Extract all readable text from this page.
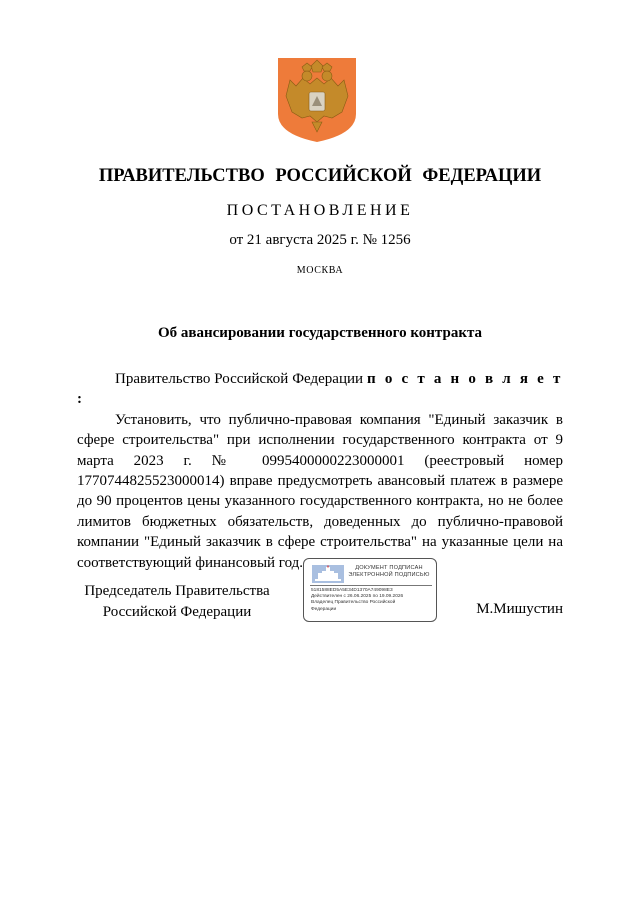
ПРАВИТЕЛЬСТВО РОССИЙСКОЙ ФЕДЕРАЦИИ
ПОСТАНОВЛЕНИЕ
от 21 августа 2025 г. № 1256
МОСКВА
Об авансировании государственного контракта

Правительство Российской Федерации п о с т а н о в л я е т :

Установить, что публично-правовая компания "Единый заказчик в сфере строительства" при исполнении государственного контракта от 9 марта 2023 г. № 0995400000223000001 (реестровый номер 1770744825523000014) вправе предусмотреть авансовый платеж в размере до 90 процентов цены указанного государственного контракта, но не более лимитов бюджетных обязательств, доведенных до публично-правовой компании "Единый заказчик в сфере строительства" на указанные цели на соответствующий финансовый год.

Председатель Правительства
Российской Федерации
ДОКУМЕНТ ПОДПИСАН
ЭЛЕКТРОННОЙ ПОДПИСЬЮ
5181588ED5A5E34D1370A749098E3
Действителен с 26.06.2025 по 19.09.2026
Владелец Правительство Российской
Федерации	М.Мишустин
